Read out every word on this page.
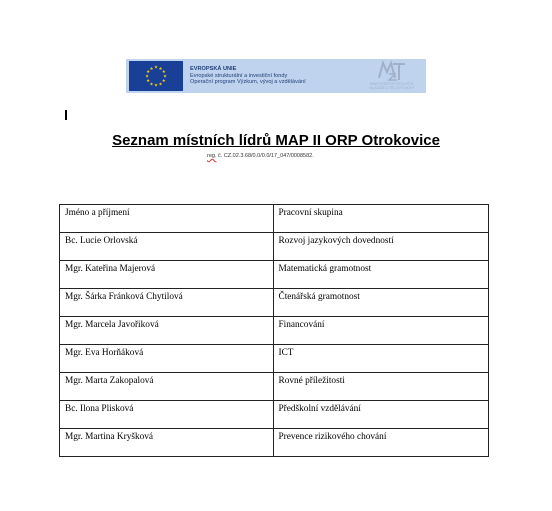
★ ★
★
★
★
★
★
★
★
★
★
★	EVROPSKÁ UNIE
Evropské strukturální a investiční fondy
Operační program Výzkum, vývoj a vzdělávání	MINISTERSTVO ŠKOLSTVÍ,
MLÁDEŽE A TĚLOVÝCHOVY
Seznam místních lídrů MAP II ORP Otrokovice
reg. č. CZ.02.3.68/0.0/0.0/17_047/0008582.
Jméno a příjmení	Pracovní skupina
Bc. Lucie Orlovská	Rozvoj jazykových dovedností
Mgr. Kateřina Majerová	Matematická gramotnost
Mgr. Šárka Fránková Chytilová	Čtenářská gramotnost
Mgr. Marcela Javořiková	Financování
Mgr. Eva Horňáková	ICT
Mgr. Marta Zakopalová	Rovné příležitosti
Bc. Ilona Plisková	Předškolní vzdělávání
Mgr. Martina Kryšková	Prevence rizikového chování
